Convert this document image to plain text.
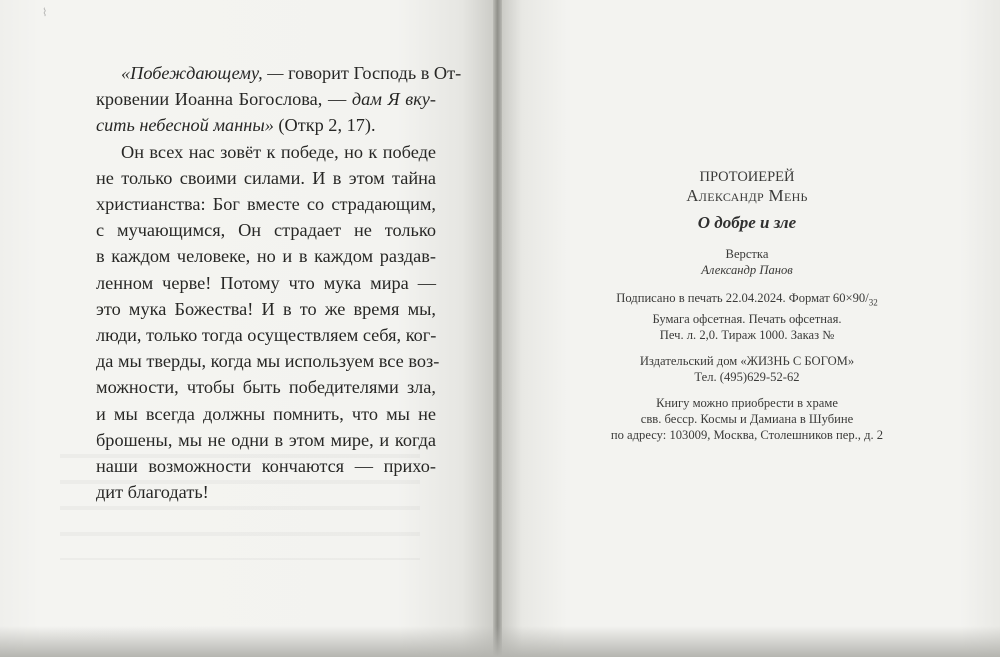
⌇
«Побеждающему, — говорит Господь в От-
кровении Иоанна Богослова, — дам Я вку-
сить небесной манны» (Откр 2, 17).
Он всех нас зовёт к победе, но к победе
не только своими силами. И в этом тайна
христианства: Бог вместе со страдающим,
с мучающимся, Он страдает не только
в каждом человеке, но и в каждом раздав-
ленном черве! Потому что мука мира —
это мука Божества! И в то же время мы,
люди, только тогда осуществляем себя, ког-
да мы тверды, когда мы используем все воз-
можности, чтобы быть победителями зла,
и мы всегда должны помнить, что мы не
брошены, мы не одни в этом мире, и когда
наши возможности кончаются — прихо-
дит благодать!
ПРОТОИЕРЕЙ
Александр Мень
О добре и зле
Верстка
Александр Панов
Подписано в печать 22.04.2024. Формат $60\times 90/_{32}$
Бумага офсетная. Печать офсетная.
Печ. л. 2,0. Тираж 1000. Заказ №
Издательский дом «ЖИЗНЬ С БОГОМ»
Тел. (495)629-52-62
Книгу можно приобрести в храме
свв. бесср. Космы и Дамиана в Шубине
по адресу: 103009, Москва, Столешников пер., д. 2
